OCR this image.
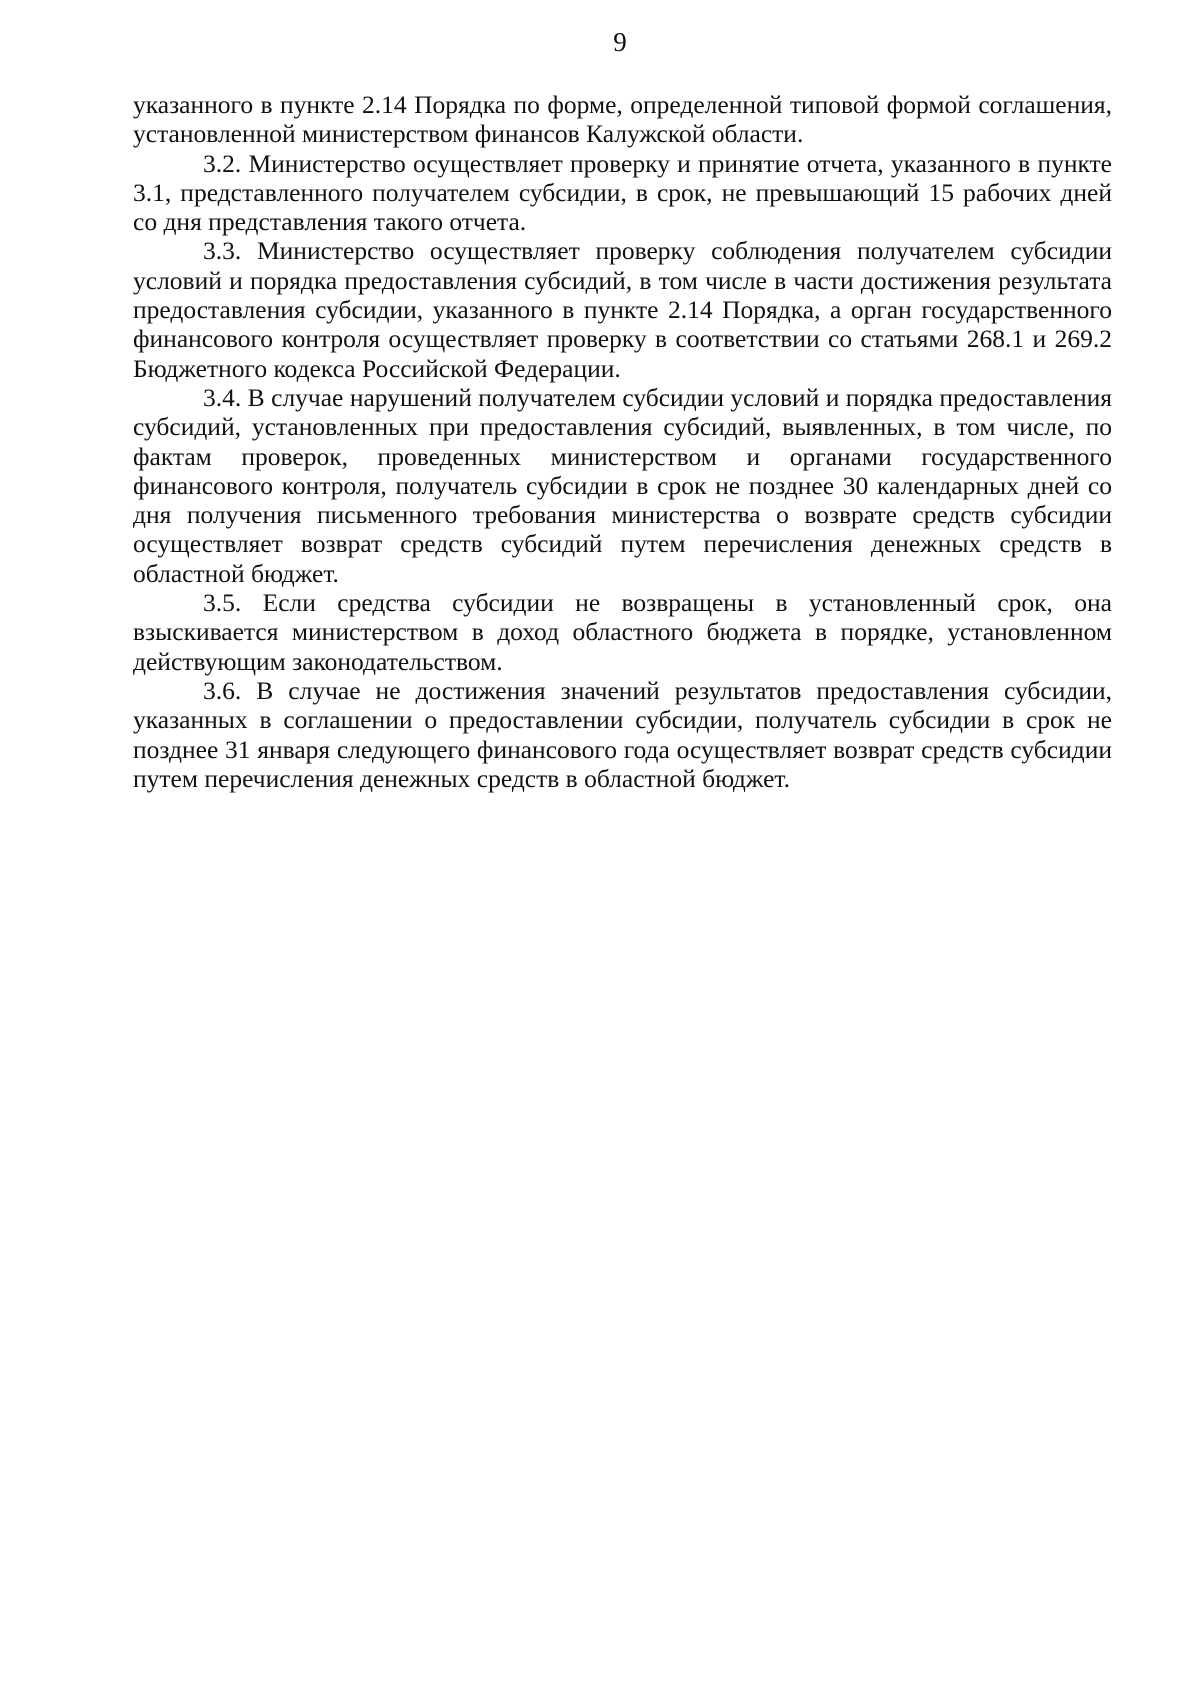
9

указанного в пункте 2.14 Порядка по форме, определенной типовой формой соглашения, установленной министерством финансов Калужской области.

3.2. Министерство осуществляет проверку и принятие отчета, указанного в пункте 3.1, представленного получателем субсидии, в срок, не превышающий 15 рабочих дней со дня представления такого отчета.

3.3. Министерство осуществляет проверку соблюдения получателем субсидии условий и порядка предоставления субсидий, в том числе в части достижения результата предоставления субсидии, указанного в пункте 2.14 Порядка, а орган государственного финансового контроля осуществляет проверку в соответствии со статьями 268.1 и 269.2 Бюджетного кодекса Российской Федерации.

3.4. В случае нарушений получателем субсидии условий и порядка предоставления субсидий, установленных при предоставления субсидий, выявленных, в том числе, по фактам проверок, проведенных министерством и органами государственного финансового контроля, получатель субсидии в срок не позднее 30 календарных дней со дня получения письменного требования министерства о возврате средств субсидии осуществляет возврат средств субсидий путем перечисления денежных средств в областной бюджет.

3.5. Если средства субсидии не возвращены в установленный срок, она взыскивается министерством в доход областного бюджета в порядке, установленном действующим законодательством.

3.6. В случае не достижения значений результатов предоставления субсидии, указанных в соглашении о предоставлении субсидии, получатель субсидии в срок не позднее 31 января следующего финансового года осуществляет возврат средств субсидии путем перечисления денежных средств в областной бюджет.
